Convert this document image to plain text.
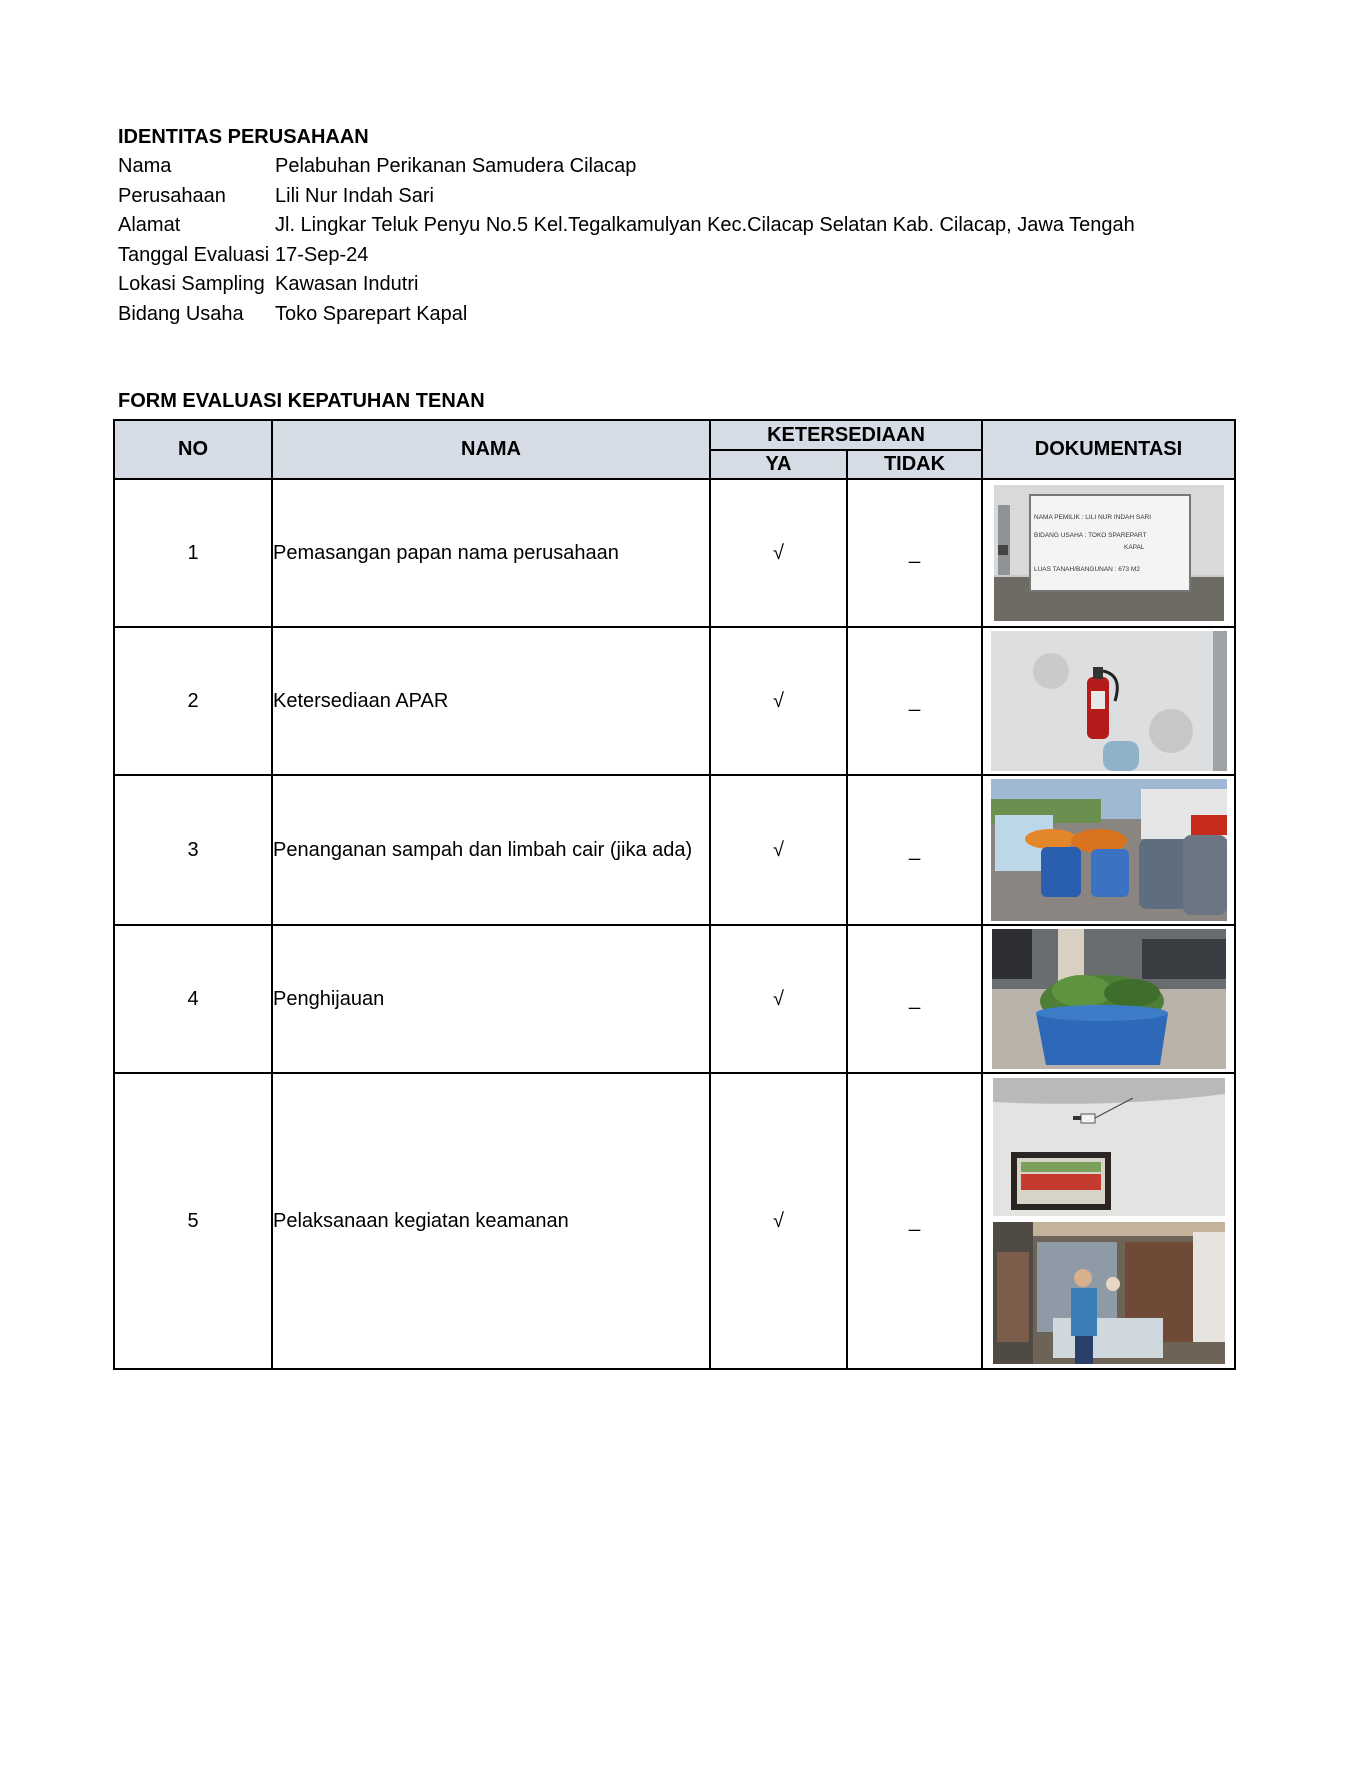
IDENTITAS PERUSAHAAN
Nama	Pelabuhan Perikanan Samudera Cilacap
Perusahaan	Lili Nur Indah Sari
Alamat	Jl. Lingkar Teluk Penyu No.5 Kel.Tegalkamulyan Kec.Cilacap Selatan Kab. Cilacap, Jawa Tengah
Tanggal Evaluasi 17-Sep-24
Lokasi Sampling Kawasan Indutri
Bidang Usaha	Toko Sparepart Kapal
FORM EVALUASI KEPATUHAN TENAN
NO	NAMA	KETERSEDIAAN		DOKUMENTASI
		YA	TIDAK	
1	Pemasangan papan nama perusahaan	√	_	NAMA PEMILIK : LILI NUR INDAH SARI
BIDANG USAHA : TOKO SPAREPART
KAPAL
LUAS TANAH/BANGUNAN : 673 M2

2	Ketersediaan APAR	√	_	

3	Penanganan sampah dan limbah cair (jika ada)	√	_	

4	Penghijauan	√	_	

5	Pelaksanaan kegiatan keamanan	√	_	
